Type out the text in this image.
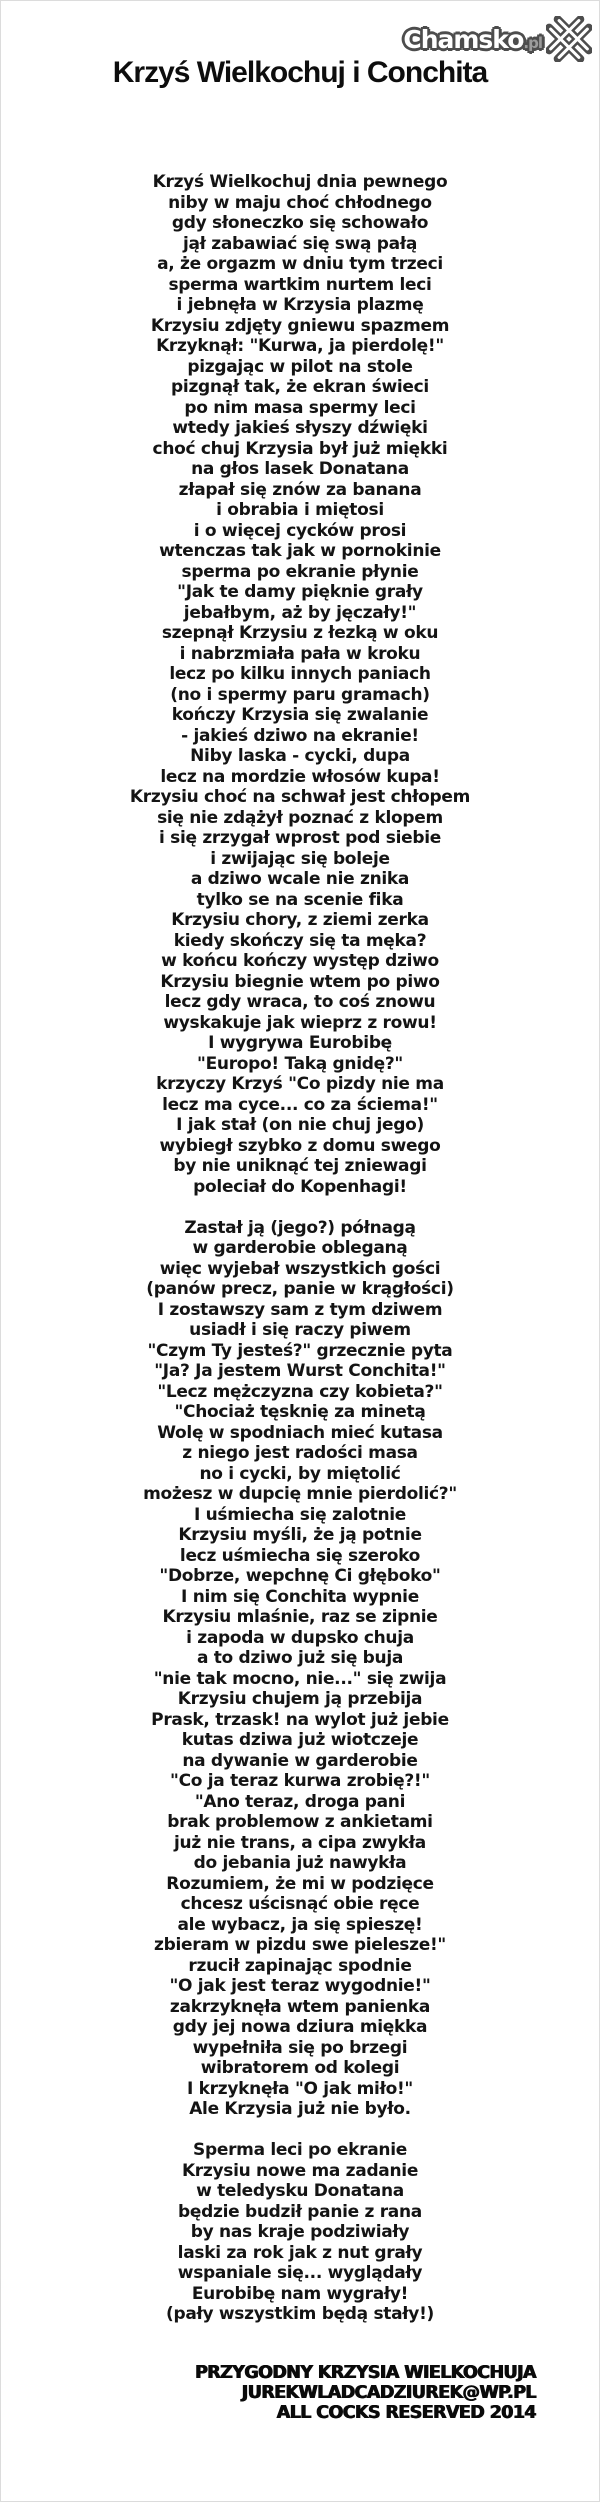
Chamsko.pl
Krzyś Wielkochuj i Conchita
Krzyś Wielkochuj dnia pewnego
niby w maju choć chłodnego
gdy słoneczko się schowało
jął zabawiać się swą pałą
a, że orgazm w dniu tym trzeci
sperma wartkim nurtem leci
i jebnęła w Krzysia plazmę
Krzysiu zdjęty gniewu spazmem
Krzyknął: "Kurwa, ja pierdolę!"
pizgając w pilot na stole
pizgnął tak, że ekran świeci
po nim masa spermy leci
wtedy jakieś słyszy dźwięki
choć chuj Krzysia był już miękki
na głos lasek Donatana
złapał się znów za banana
i obrabia i miętosi
i o więcej cycków prosi
wtenczas tak jak w pornokinie
sperma po ekranie płynie
"Jak te damy pięknie grały
jebałbym, aż by jęczały!"
szepnął Krzysiu z łezką w oku
i nabrzmiała pała w kroku
lecz po kilku innych paniach
(no i spermy paru gramach)
kończy Krzysia się zwalanie
- jakieś dziwo na ekranie!
Niby laska - cycki, dupa
lecz na mordzie włosów kupa!
Krzysiu choć na schwał jest chłopem
się nie zdążył poznać z klopem
i się zrzygał wprost pod siebie
i zwijając się boleje
a dziwo wcale nie znika
tylko se na scenie fika
Krzysiu chory, z ziemi zerka
kiedy skończy się ta męka?
w końcu kończy występ dziwo
Krzysiu biegnie wtem po piwo
lecz gdy wraca, to coś znowu
wyskakuje jak wieprz z rowu!
I wygrywa Eurobibę
"Europo! Taką gnidę?"
krzyczy Krzyś "Co pizdy nie ma
lecz ma cyce... co za ściema!"
I jak stał (on nie chuj jego)
wybiegł szybko z domu swego
by nie uniknąć tej zniewagi
poleciał do Kopenhagi!
Zastał ją (jego?) półnagą
w garderobie obleganą
więc wyjebał wszystkich gości
(panów precz, panie w krągłości)
I zostawszy sam z tym dziwem
usiadł i się raczy piwem
"Czym Ty jesteś?" grzecznie pyta
"Ja? Ja jestem Wurst Conchita!"
"Lecz mężczyzna czy kobieta?"
"Chociaż tęsknię za minetą
Wolę w spodniach mieć kutasa
z niego jest radości masa
no i cycki, by miętolić
możesz w dupcię mnie pierdolić?"
I uśmiecha się zalotnie
Krzysiu myśli, że ją potnie
lecz uśmiecha się szeroko
"Dobrze, wepchnę Ci głęboko"
I nim się Conchita wypnie
Krzysiu mlaśnie, raz se zipnie
i zapoda w dupsko chuja
a to dziwo już się buja
"nie tak mocno, nie..." się zwija
Krzysiu chujem ją przebija
Prask, trzask! na wylot już jebie
kutas dziwa już wiotczeje
na dywanie w garderobie
"Co ja teraz kurwa zrobię?!"
"Ano teraz, droga pani
brak problemow z ankietami
już nie trans, a cipa zwykła
do jebania już nawykła
Rozumiem, że mi w podzięce
chcesz uścisnąć obie ręce
ale wybacz, ja się spieszę!
zbieram w pizdu swe pielesze!"
rzucił zapinając spodnie
"O jak jest teraz wygodnie!"
zakrzyknęła wtem panienka
gdy jej nowa dziura miękka
wypełniła się po brzegi
wibratorem od kolegi
I krzyknęła "O jak miło!"
Ale Krzysia już nie było.
Sperma leci po ekranie
Krzysiu nowe ma zadanie
w teledysku Donatana
będzie budził panie z rana
by nas kraje podziwiały
laski za rok jak z nut grały
wspaniale się... wyglądały
Eurobibę nam wygrały!
(pały wszystkim będą stały!)
PRZYGODNY KRZYSIA WIELKOCHUJA
JUREKWLADCADZIUREK@WP.PL
ALL COCKS RESERVED 2014
